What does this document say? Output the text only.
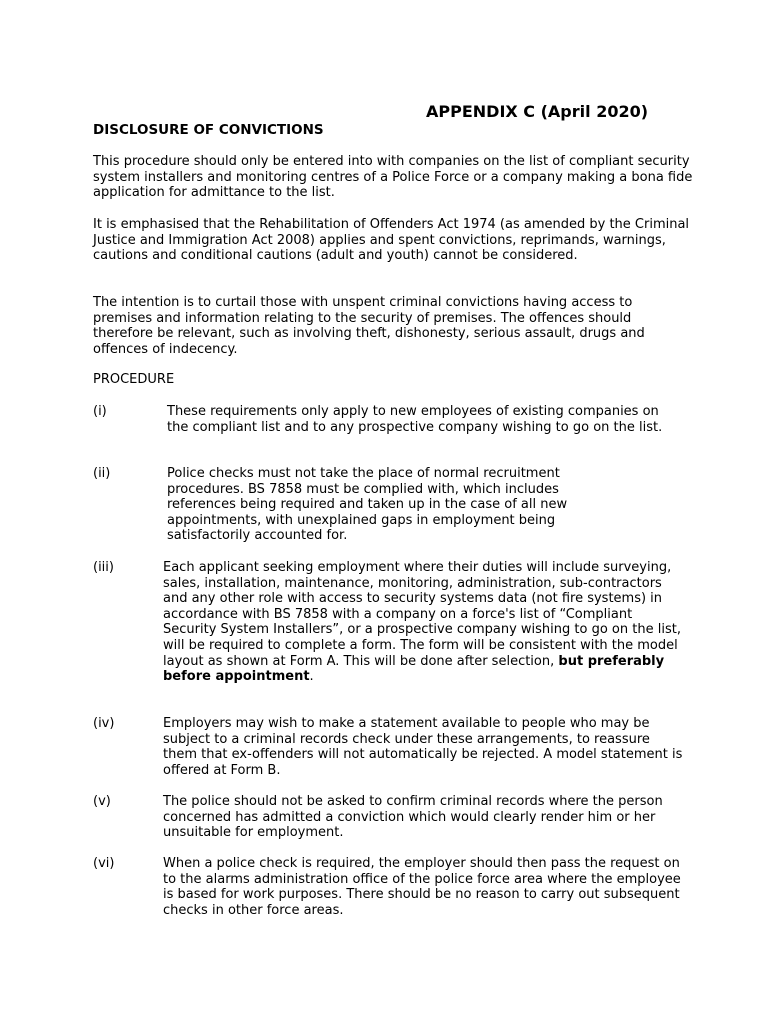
APPENDIX C (April 2020)
DISCLOSURE OF CONVICTIONS

This procedure should only be entered into with companies on the list of compliant security system installers and monitoring centres of a Police Force or a company making a bona fide application for admittance to the list.

It is emphasised that the Rehabilitation of Offenders Act 1974 (as amended by the Criminal Justice and Immigration Act 2008) applies and spent convictions, reprimands, warnings, cautions and conditional cautions (adult and youth) cannot be considered.

The intention is to curtail those with unspent criminal convictions having access to premises and information relating to the security of premises. The offences should therefore be relevant, such as involving theft, dishonesty, serious assault, drugs and offences of indecency.

PROCEDURE

(i)	These requirements only apply to new employees of existing companies on the compliant list and to any prospective company wishing to go on the list.

(ii)	Police checks must not take the place of normal recruitment procedures. BS 7858 must be complied with, which includes references being required and taken up in the case of all new appointments, with unexplained gaps in employment being satisfactorily accounted for.

(iii)	Each applicant seeking employment where their duties will include surveying, sales, installation, maintenance, monitoring, administration, sub-contractors and any other role with access to security systems data (not fire systems) in accordance with BS 7858 with a company on a force's list of “Compliant Security System Installers”, or a prospective company wishing to go on the list, will be required to complete a form. The form will be consistent with the model layout as shown at Form A. This will be done after selection, but preferably before appointment.

(iv)	Employers may wish to make a statement available to people who may be subject to a criminal records check under these arrangements, to reassure them that ex-offenders will not automatically be rejected. A model statement is offered at Form B.

(v)	The police should not be asked to confirm criminal records where the person concerned has admitted a conviction which would clearly render him or her unsuitable for employment.

(vi)	When a police check is required, the employer should then pass the request on to the alarms administration office of the police force area where the employee is based for work purposes. There should be no reason to carry out subsequent checks in other force areas.
